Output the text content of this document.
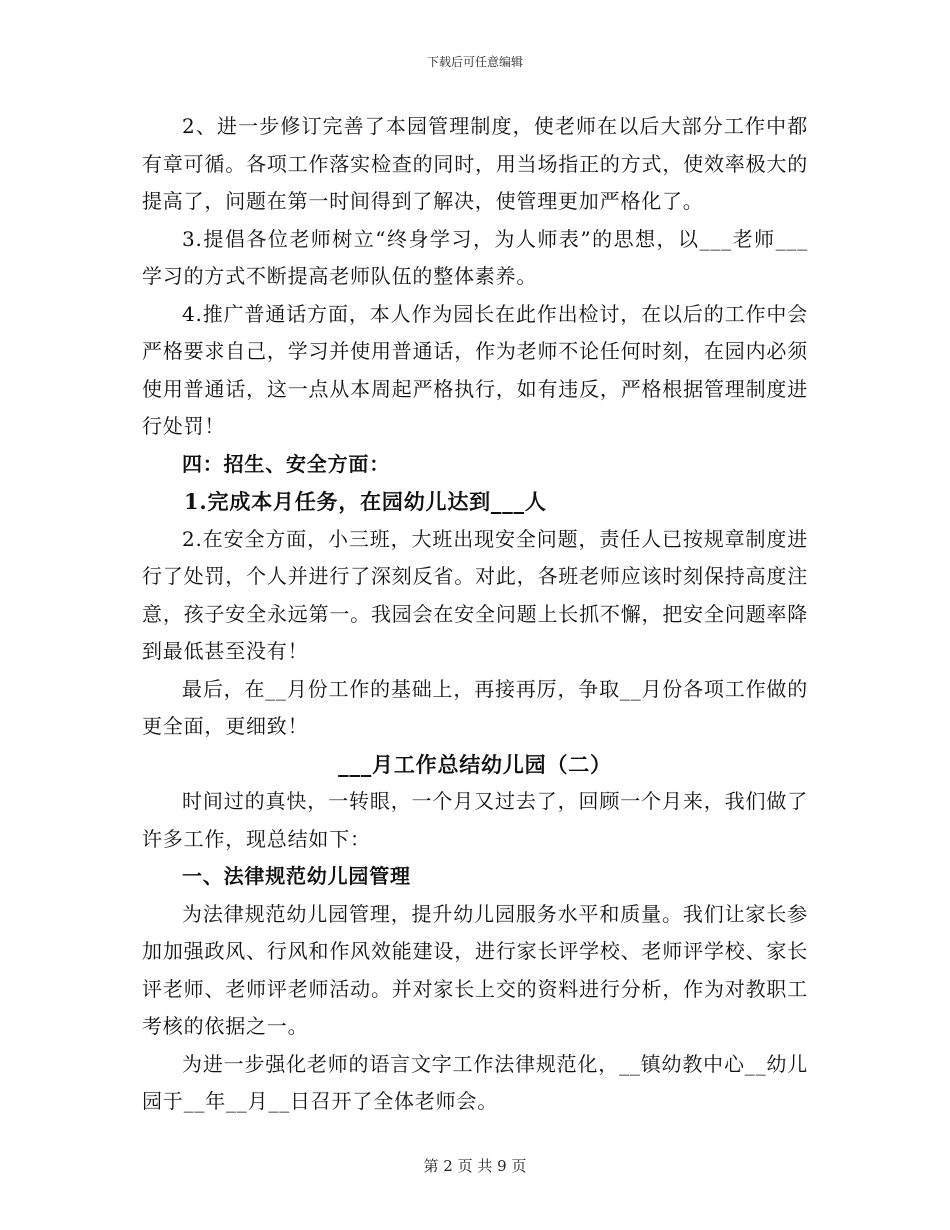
下载后可任意编辑

2、进一步修订完善了本园管理制度，使老师在以后大部分工作中都有章可循。各项工作落实检查的同时，用当场指正的方式，使效率极大的提高了，问题在第一时间得到了解决，使管理更加严格化了。

3.提倡各位老师树立“终身学习，为人师表”的思想，以___老师___学习的方式不断提高老师队伍的整体素养。

4.推广普通话方面，本人作为园长在此作出检讨，在以后的工作中会严格要求自己，学习并使用普通话，作为老师不论任何时刻，在园内必须使用普通话，这一点从本周起严格执行，如有违反，严格根据管理制度进行处罚！

四：招生、安全方面：

1.完成本月任务，在园幼儿达到___人

2.在安全方面，小三班，大班出现安全问题，责任人已按规章制度进行了处罚，个人并进行了深刻反省。对此，各班老师应该时刻保持高度注意，孩子安全永远第一。我园会在安全问题上长抓不懈，把安全问题率降到最低甚至没有！

最后，在__月份工作的基础上，再接再厉，争取__月份各项工作做的更全面，更细致！

___月工作总结幼儿园（二）

时间过的真快，一转眼，一个月又过去了，回顾一个月来，我们做了许多工作，现总结如下：

一、法律规范幼儿园管理

为法律规范幼儿园管理，提升幼儿园服务水平和质量。我们让家长参加加强政风、行风和作风效能建设，进行家长评学校、老师评学校、家长评老师、老师评老师活动。并对家长上交的资料进行分析，作为对教职工考核的依据之一。

为进一步强化老师的语言文字工作法律规范化，__镇幼教中心__幼儿园于__年__月__日召开了全体老师会。

第 2 页 共 9 页
